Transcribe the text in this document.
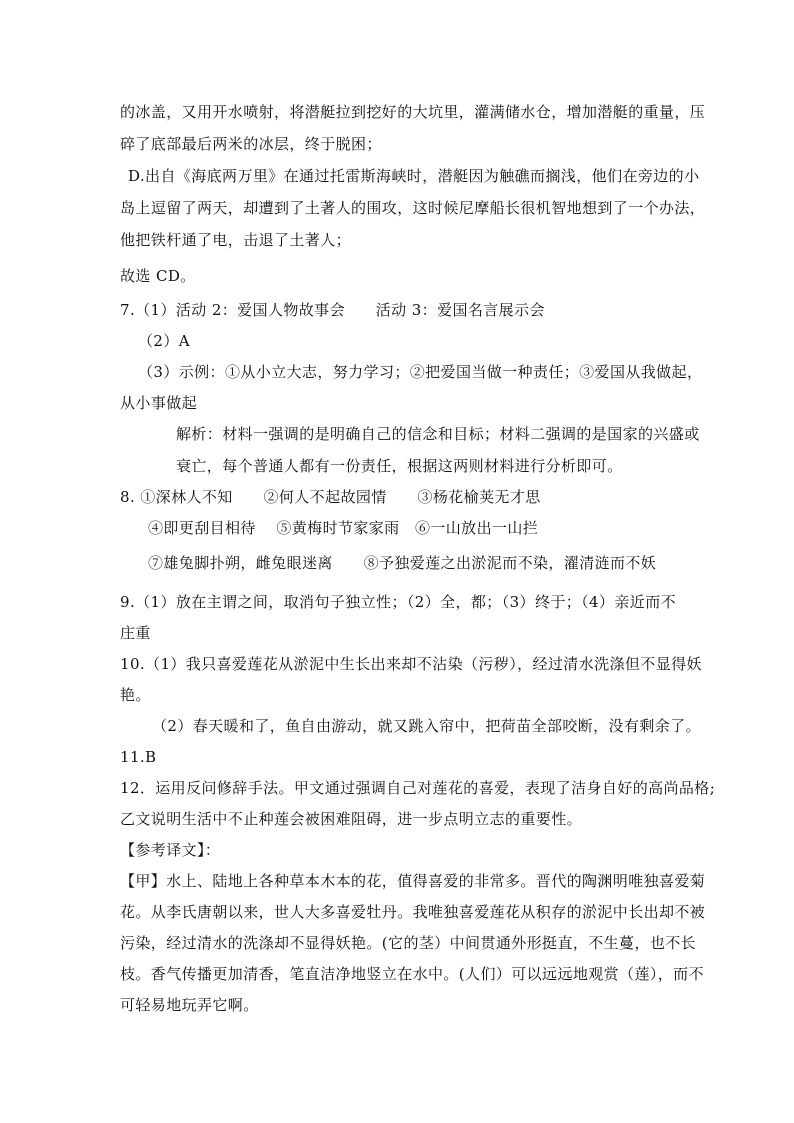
的冰盖，又用开水喷射，将潜艇拉到挖好的大坑里，灌满储水仓，增加潜艇的重量，压
碎了底部最后两米的冰层，终于脱困；
D.出自《海底两万里》在通过托雷斯海峡时，潜艇因为触礁而搁浅，他们在旁边的小
岛上逗留了两天，却遭到了土著人的围攻，这时候尼摩船长很机智地想到了一个办法，
他把铁杆通了电，击退了土著人；
故选 CD。
7.（1）活动 2：爱国人物故事会　　活动 3：爱国名言展示会
（2）A
（3）示例：①从小立大志，努力学习；②把爱国当做一种责任；③爱国从我做起，
从小事做起
解析：材料一强调的是明确自己的信念和目标；材料二强调的是国家的兴盛或
衰亡，每个普通人都有一份责任，根据这两则材料进行分析即可。
8. ①深林人不知　　②何人不起故园情　　③杨花榆荚无才思
④即更刮目相待　 ⑤黄梅时节家家雨　⑥一山放出一山拦
⑦雄兔脚扑朔，雌兔眼迷离　　⑧予独爱莲之出淤泥而不染，濯清涟而不妖
9.（1）放在主谓之间，取消句子独立性；（2）全，都；（3）终于；（4）亲近而不
庄重
10.（1）我只喜爱莲花从淤泥中生长出来却不沾染（污秽），经过清水洗涤但不显得妖
艳。
（2）春天暖和了，鱼自由游动，就又跳入帘中，把荷苗全部咬断，没有剩余了。
11.B
12．运用反问修辞手法。甲文通过强调自己对莲花的喜爱，表现了洁身自好的高尚品格;
乙文说明生活中不止种莲会被困难阻碍，进一步点明立志的重要性。
【参考译文】：
【甲】水上、陆地上各种草本木本的花，值得喜爱的非常多。晋代的陶渊明唯独喜爱菊
花。从李氏唐朝以来，世人大多喜爱牡丹。我唯独喜爱莲花从积存的淤泥中长出却不被
污染，经过清水的洗涤却不显得妖艳。(它的茎）中间贯通外形挺直，不生蔓，也不长
枝。香气传播更加清香，笔直洁净地竖立在水中。(人们）可以远远地观赏（莲），而不
可轻易地玩弄它啊。
